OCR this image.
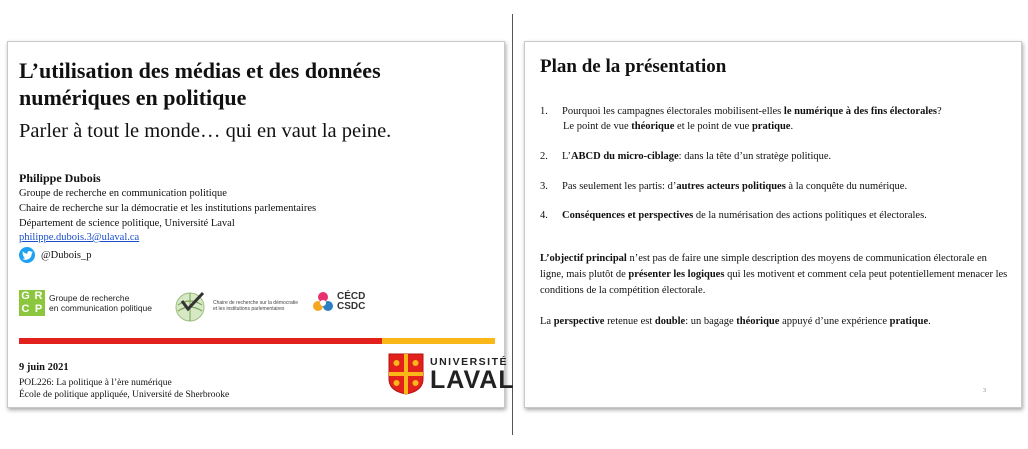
L’utilisation des médias et des données numériques en politique
Parler à tout le monde… qui en vaut la peine.
Philippe Dubois
Groupe de recherche en communication politique
Chaire de recherche sur la démocratie et les institutions parlementaires
Département de science politique, Université Laval
philippe.dubois.3@ulaval.ca
@Dubois_p
G R
C P
Groupe de recherche
en communication politique	Chaire de recherche sur la démocratie et les institutions parlementaires
CÉCD
CSDC
9 juin 2021
POL226: La politique à l’ère numérique
École de politique appliquée, Université de Sherbrooke
UNIVERSITÉ
LAVAL
Plan de la présentation
1. Pourquoi les campagnes électorales mobilisent-elles le numérique à des fins électorales?
Le point de vue théorique et le point de vue pratique.
2. L’ABCD du micro-ciblage: dans la tête d’un stratège politique.
3. Pas seulement les partis: d’autres acteurs politiques à la conquête du numérique.
4. Conséquences et perspectives de la numérisation des actions politiques et électorales.
L’objectif principal n’est pas de faire une simple description des moyens de communication électorale en ligne, mais plutôt de présenter les logiques qui les motivent et comment cela peut potentiellement menacer les conditions de la compétition électorale.
La perspective retenue est double: un bagage théorique appuyé d’une expérience pratique.
3
